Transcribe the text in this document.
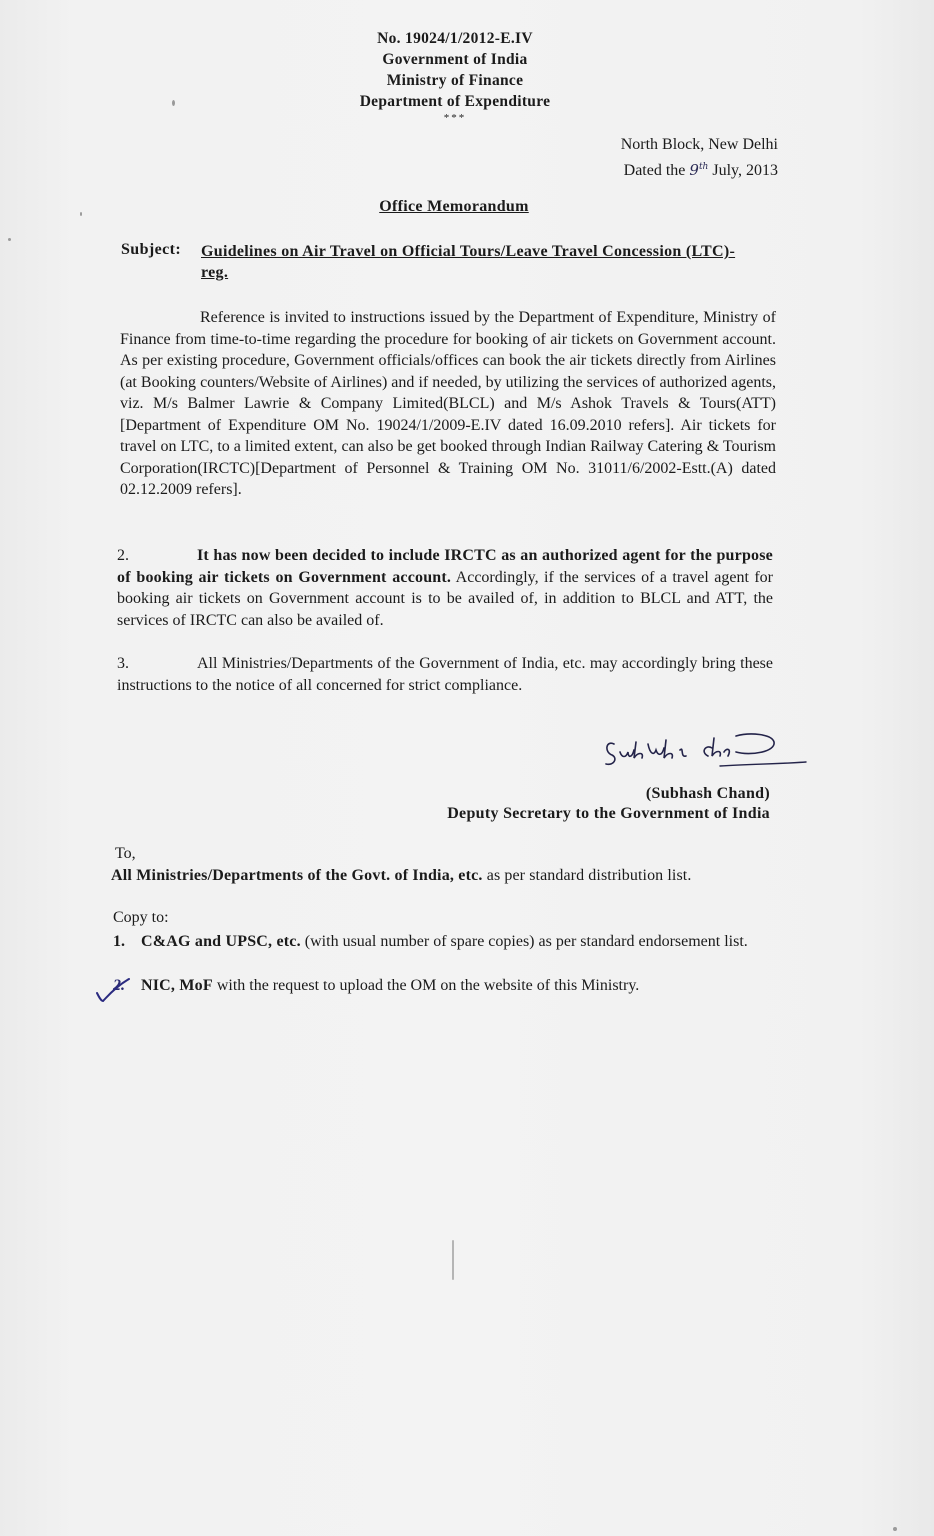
No. 19024/1/2012-E.IV
Government of India
Ministry of Finance
Department of Expenditure
***
North Block, New Delhi
Dated the 9th July, 2013
Office Memorandum
Subject: Guidelines on Air Travel on Official Tours/Leave Travel Concession (LTC)- reg.
Reference is invited to instructions issued by the Department of Expenditure, Ministry of Finance from time-to-time regarding the procedure for booking of air tickets on Government account. As per existing procedure, Government officials/offices can book the air tickets directly from Airlines (at Booking counters/Website of Airlines) and if needed, by utilizing the services of authorized agents, viz. M/s Balmer Lawrie & Company Limited(BLCL) and M/s Ashok Travels & Tours(ATT)[Department of Expenditure OM No. 19024/1/2009-E.IV dated 16.09.2010 refers]. Air tickets for travel on LTC, to a limited extent, can also be get booked through Indian Railway Catering & Tourism Corporation(IRCTC)[Department of Personnel & Training OM No. 31011/6/2002-Estt.(A) dated 02.12.2009 refers].
2.	It has now been decided to include IRCTC as an authorized agent for the purpose of booking air tickets on Government account. Accordingly, if the services of a travel agent for booking air tickets on Government account is to be availed of, in addition to BLCL and ATT, the services of IRCTC can also be availed of.
3.	All Ministries/Departments of the Government of India, etc. may accordingly bring these instructions to the notice of all concerned for strict compliance.
(Subhash Chand)
Deputy Secretary to the Government of India
To,
All Ministries/Departments of the Govt. of India, etc. as per standard distribution list.
Copy to:
1. C&AG and UPSC, etc. (with usual number of spare copies) as per standard endorsement list.
2. NIC, MoF with the request to upload the OM on the website of this Ministry.
